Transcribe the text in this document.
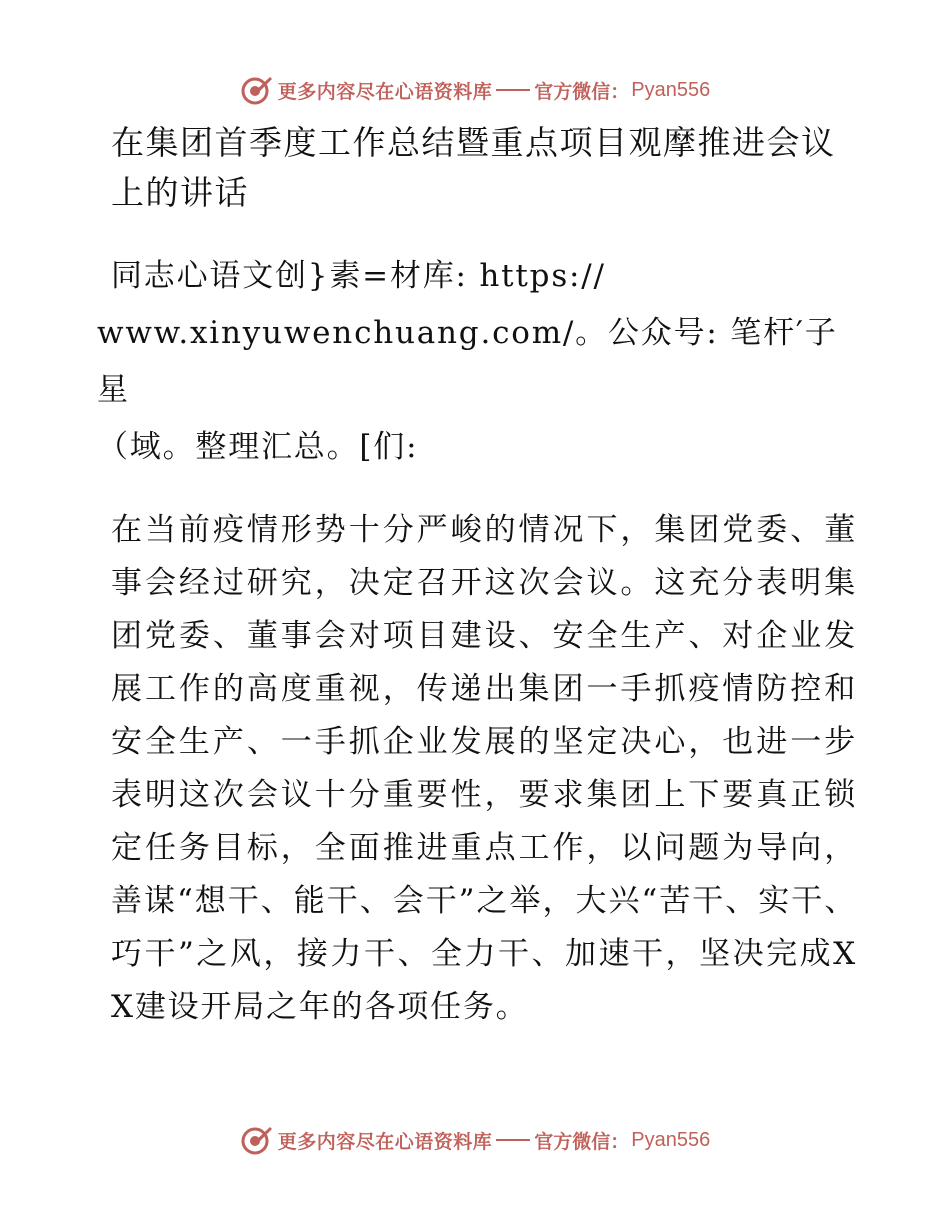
更多内容尽在心语资料库 官方微信： Pyan556
在集团首季度工作总结暨重点项目观摩推进会议上的讲话
同志心语文创}素=材库: https://
www.xinyuwenchuang.com/。公众号: 笔杆′子星
（域。整理汇总。[们:

在当前疫情形势十分严峻的情况下，集团党委、董事会经过研究，决定召开这次会议。这充分表明集团党委、董事会对项目建设、安全生产、对企业发展工作的高度重视，传递出集团一手抓疫情防控和安全生产、一手抓企业发展的坚定决心，也进一步表明这次会议十分重要性，要求集团上下要真正锁定任务目标，全面推进重点工作，以问题为导向，善谋“想干、能干、会干”之举，大兴“苦干、实干、巧干”之风，接力干、全力干、加速干，坚决完成XX建设开局之年的各项任务。

更多内容尽在心语资料库 官方微信： Pyan556
